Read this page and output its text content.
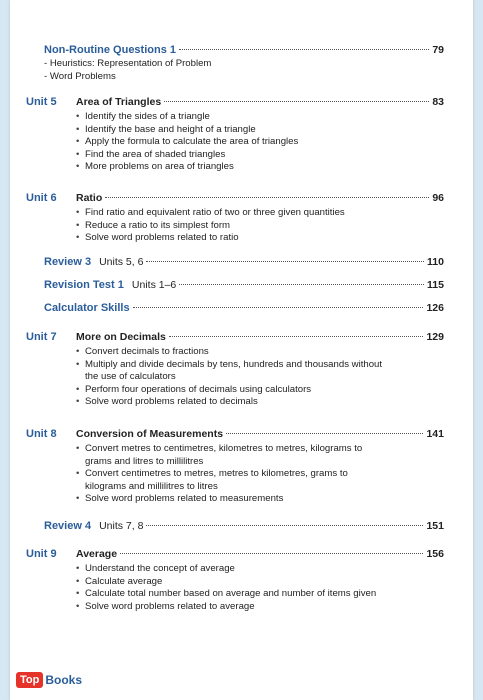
Non-Routine Questions 1	79
- Heuristics: Representation of Problem
- Word Problems
Unit 5	Area of Triangles	83
• Identify the sides of a triangle
• Identify the base and height of a triangle
• Apply the formula to calculate the area of triangles
• Find the area of shaded triangles
• More problems on area of triangles
Unit 6	Ratio	96
• Find ratio and equivalent ratio of two or three given quantities
• Reduce a ratio to its simplest form
• Solve word problems related to ratio
Review 3 Units 5, 6	110
Revision Test 1 Units 1–6	115
Calculator Skills	126
Unit 7	More on Decimals	129
• Convert decimals to fractions
• Multiply and divide decimals by tens, hundreds and thousands without
the use of calculators
• Perform four operations of decimals using calculators
• Solve word problems related to decimals
Unit 8	Conversion of Measurements	141
• Convert metres to centimetres, kilometres to metres, kilograms to
grams and litres to millilitres
• Convert centimetres to metres, metres to kilometres, grams to
kilograms and millilitres to litres
• Solve word problems related to measurements
Review 4 Units 7, 8	151
Unit 9	Average	156
• Understand the concept of average
• Calculate average
• Calculate total number based on average and number of items given
• Solve word problems related to average
Top Books
